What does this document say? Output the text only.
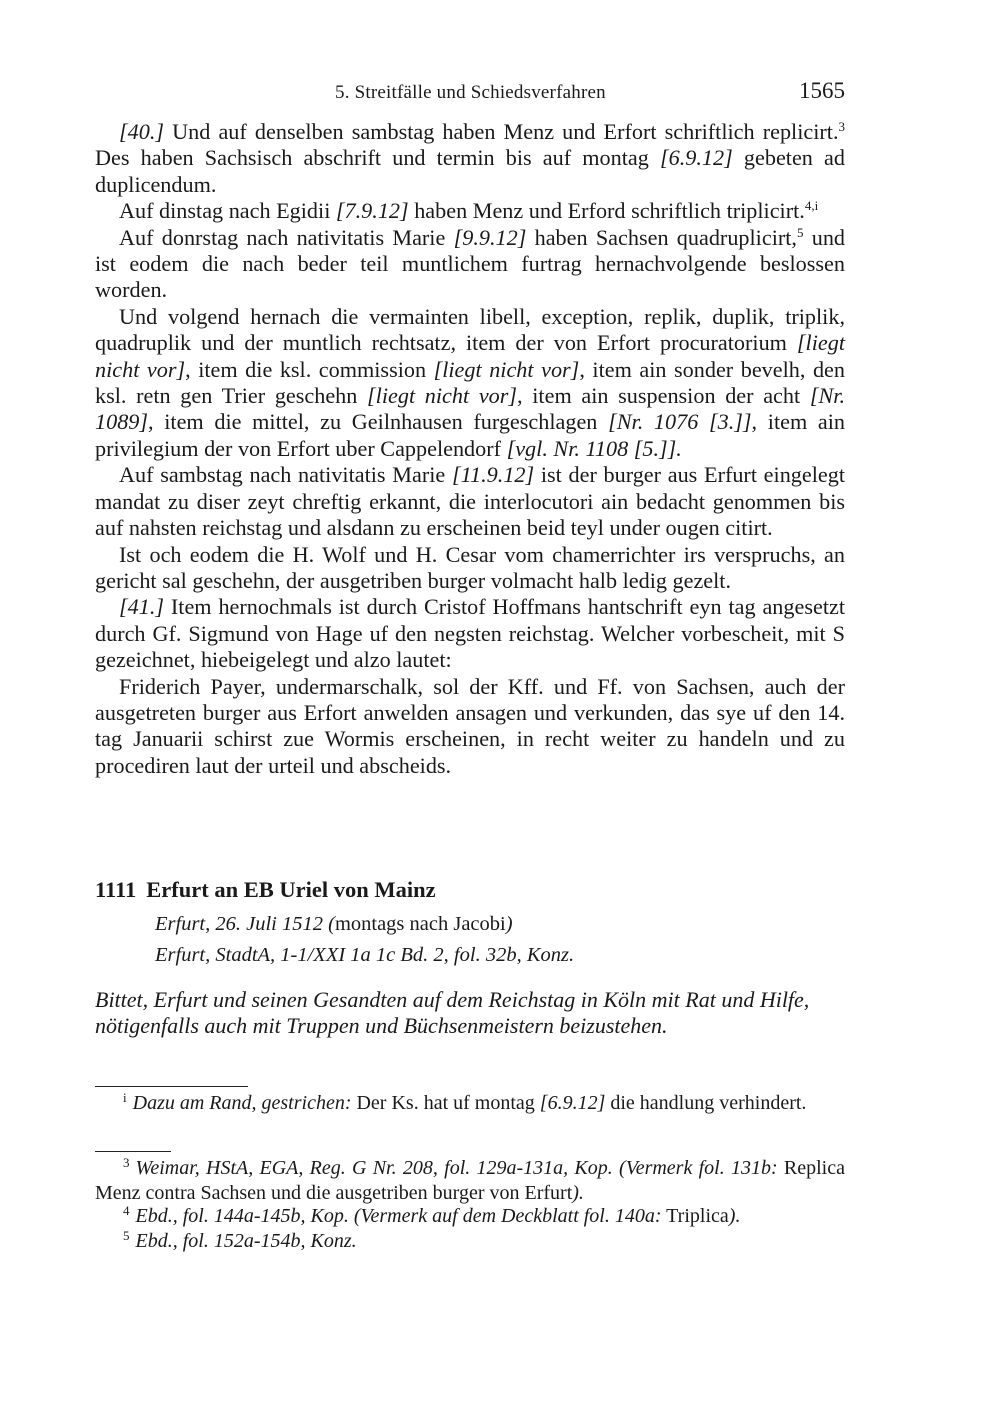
5. Streitfälle und Schiedsverfahren	1565

[40.] Und auf denselben sambstag haben Menz und Erfort schriftlich replicirt.$^3$ Des haben Sachsisch abschrift und termin bis auf montag [6.9.12] gebeten ad duplicendum.

Auf dinstag nach Egidii [7.9.12] haben Menz und Erford schriftlich triplicirt.$^{4,i}$

Auf donrstag nach nativitatis Marie [9.9.12] haben Sachsen quadruplicirt,$^5$ und ist eodem die nach beder teil muntlichem furtrag hernachvolgende beslossen worden.

Und volgend hernach die vermainten libell, exception, replik, duplik, triplik, quadruplik und der muntlich rechtsatz, item der von Erfort procuratorium [liegt nicht vor], item die ksl. commission [liegt nicht vor], item ain sonder bevelh, den ksl. retn gen Trier geschehn [liegt nicht vor], item ain suspension der acht [Nr. 1089], item die mittel, zu Geilnhausen furgeschlagen [Nr. 1076 [3.]], item ain privilegium der von Erfort uber Cappelendorf [vgl. Nr. 1108 [5.]].

Auf sambstag nach nativitatis Marie [11.9.12] ist der burger aus Erfurt eingelegt mandat zu diser zeyt chreftig erkannt, die interlocutori ain bedacht genommen bis auf nahsten reichstag und alsdann zu erscheinen beid teyl under ougen citirt.

Ist och eodem die H. Wolf und H. Cesar vom chamerrichter irs verspruchs, an gericht sal geschehn, der ausgetriben burger volmacht halb ledig gezelt.

[41.] Item hernochmals ist durch Cristof Hoffmans hantschrift eyn tag angesetzt durch Gf. Sigmund von Hage uf den negsten reichstag. Welcher vorbescheit, mit S gezeichnet, hiebeigelegt und alzo lautet:

Friderich Payer, undermarschalk, sol der Kff. und Ff. von Sachsen, auch der ausgetreten burger aus Erfort anwelden ansagen und verkunden, das sye uf den 14. tag Januarii schirst zue Wormis erscheinen, in recht weiter zu handeln und zu procediren laut der urteil und abscheids.

1111 Erfurt an EB Uriel von Mainz

Erfurt, 26. Juli 1512 (montags nach Jacobi)
Erfurt, StadtA, 1-1/XXI 1a 1c Bd. 2, fol. 32b, Konz.

Bittet, Erfurt und seinen Gesandten auf dem Reichstag in Köln mit Rat und Hilfe, nötigenfalls auch mit Truppen und Büchsenmeistern beizustehen.

$^i$ Dazu am Rand, gestrichen: Der Ks. hat uf montag [6.9.12] die handlung verhindert.

$^3$ Weimar, HStA, EGA, Reg. G Nr. 208, fol. 129a-131a, Kop. (Vermerk fol. 131b: Replica Menz contra Sachsen und die ausgetriben burger von Erfurt).

$^4$ Ebd., fol. 144a-145b, Kop. (Vermerk auf dem Deckblatt fol. 140a: Triplica).

$^5$ Ebd., fol. 152a-154b, Konz.
